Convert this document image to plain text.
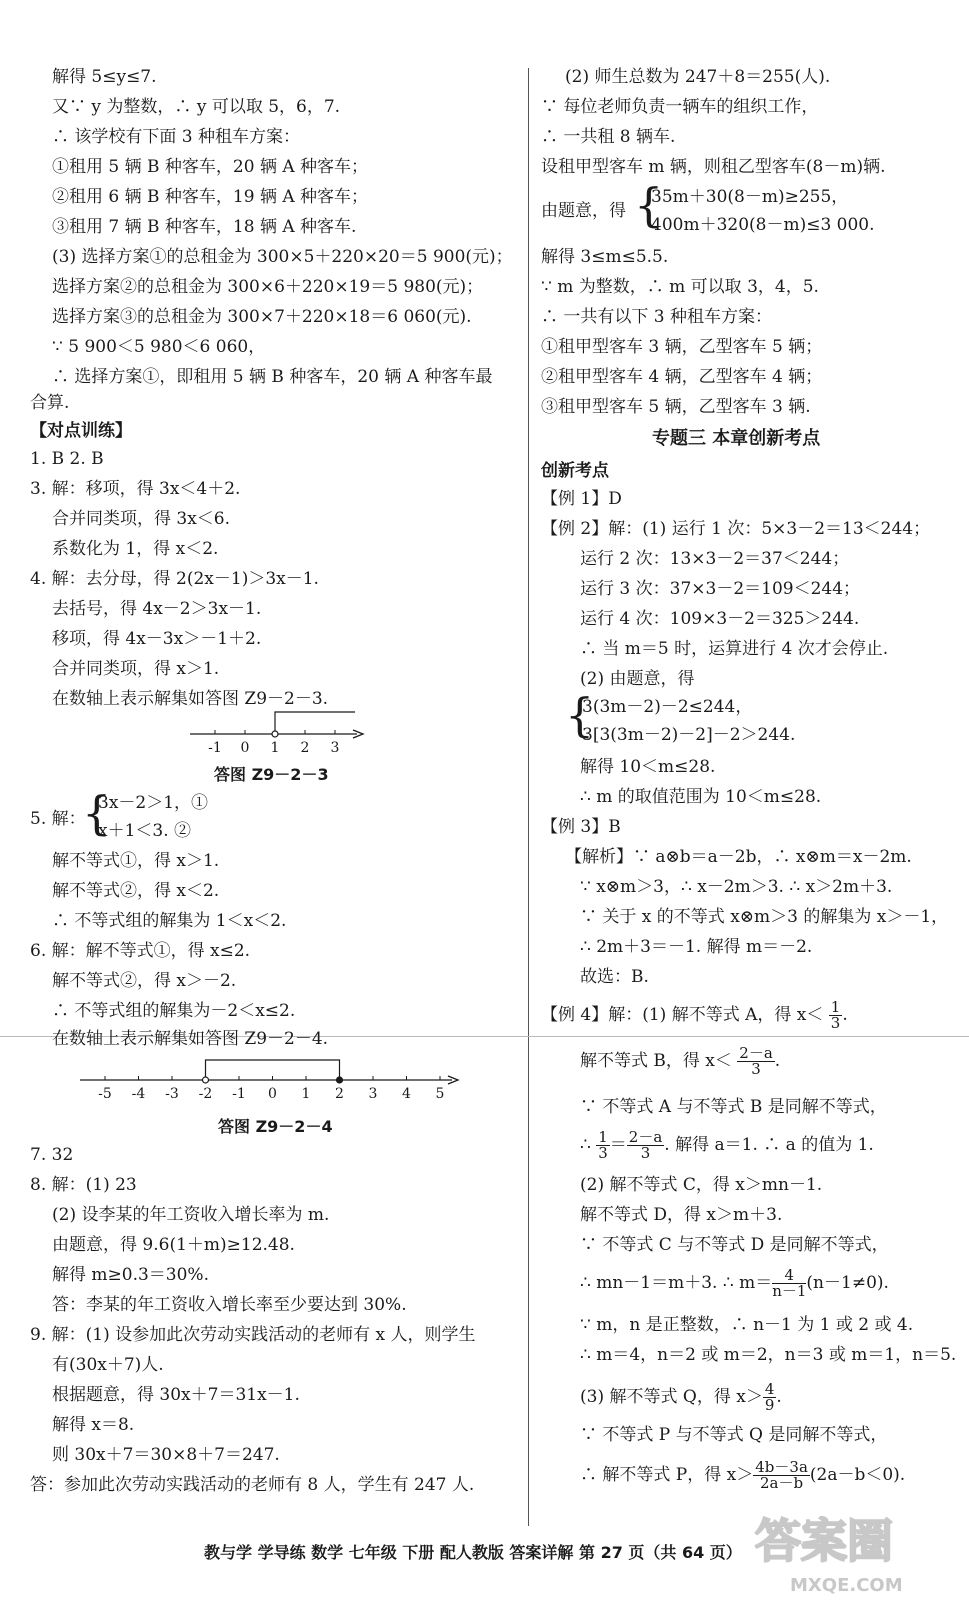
解得 5≤y≤7.
又∵ y 为整数，∴ y 可以取 5，6，7.
∴ 该学校有下面 3 种租车方案：
①租用 5 辆 B 种客车，20 辆 A 种客车；
②租用 6 辆 B 种客车，19 辆 A 种客车；
③租用 7 辆 B 种客车，18 辆 A 种客车.
(3) 选择方案①的总租金为 300×5＋220×20＝5 900(元)；
选择方案②的总租金为 300×6＋220×19＝5 980(元)；
选择方案③的总租金为 300×7＋220×18＝6 060(元).
∵ 5 900＜5 980＜6 060，
∴ 选择方案①，即租用 5 辆 B 种客车，20 辆 A 种客车最
合算.
【对点训练】
1. B 2. B
3. 解：移项，得 3x＜4＋2.
合并同类项，得 3x＜6.
系数化为 1，得 x＜2.
4. 解：去分母，得 2(2x－1)＞3x－1.
去括号，得 4x－2＞3x－1.
移项，得 4x－3x＞－1＋2.
合并同类项，得 x＞1.
在数轴上表示解集如答图 Z9－2－3.
-1 0 1 2 3
答图 Z9－2－3
5. 解：
{
3x－2＞1，①
x＋1＜3. ②
解不等式①，得 x＞1.
解不等式②，得 x＜2.
∴ 不等式组的解集为 1＜x＜2.
6. 解：解不等式①，得 x≤2.
解不等式②，得 x＞－2.
∴ 不等式组的解集为－2＜x≤2.
在数轴上表示解集如答图 Z9－2－4.
-5 -4 -3 -2 -1 0 1 2 3 4 5
答图 Z9－2－4
7. 32
8. 解：(1) 23
(2) 设李某的年工资收入增长率为 m.
由题意，得 9.6(1＋m)≥12.48.
解得 m≥0.3＝30%.
答：李某的年工资收入增长率至少要达到 30%.
9. 解：(1) 设参加此次劳动实践活动的老师有 x 人，则学生
有(30x＋7)人.
根据题意，得 30x＋7＝31x－1.
解得 x＝8.
则 30x＋7＝30×8＋7＝247.
答：参加此次劳动实践活动的老师有 8 人，学生有 247 人.
(2) 师生总数为 247＋8＝255(人).
∵ 每位老师负责一辆车的组织工作，
∴ 一共租 8 辆车.
设租甲型客车 m 辆，则租乙型客车(8－m)辆.
由题意，得 {
35m＋30(8－m)≥255，
400m＋320(8－m)≤3 000.
解得 3≤m≤5.5.
∵ m 为整数，∴ m 可以取 3，4，5.
∴ 一共有以下 3 种租车方案：
①租甲型客车 3 辆，乙型客车 5 辆；
②租甲型客车 4 辆，乙型客车 4 辆；
③租甲型客车 5 辆，乙型客车 3 辆.
专题三 本章创新考点
创新考点
【例 1】D
【例 2】解：(1) 运行 1 次：5×3－2＝13＜244；
运行 2 次：13×3－2＝37＜244；
运行 3 次：37×3－2＝109＜244；
运行 4 次：109×3－2＝325＞244.
∴ 当 m＝5 时，运算进行 4 次才会停止.
(2) 由题意，得
{
3(3m－2)－2≤244，
3[3(3m－2)－2]－2＞244.
解得 10＜m≤28.
∴ m 的取值范围为 10＜m≤28.
【例 3】B
【解析】∵ a⊗b＝a－2b，∴ x⊗m＝x－2m.
∵ x⊗m＞3，∴ x－2m＞3. ∴ x＞2m＋3.
∵ 关于 x 的不等式 x⊗m＞3 的解集为 x＞－1，
∴ 2m＋3＝－1. 解得 m＝－2.
故选：B.
【例 4】解：(1) 解不等式 A，得 $x< \frac{1}{3}$ .
解不等式 B，得 $x< \frac{2-a}{3}$ .
∵ 不等式 A 与不等式 B 是同解不等式，
∴ $\frac{1}{3} = \frac{2-a}{3}$ . 解得 a＝1. ∴ a 的值为 1.
(2) 解不等式 C，得 x＞mn－1.
解不等式 D，得 x＞m＋3.
∵ 不等式 C 与不等式 D 是同解不等式，
∴ mn－1＝m＋3. ∴ $m= \frac{4}{n-1} (n-1\ne 0)$.
∵ m，n 是正整数，∴ n－1 为 1 或 2 或 4.
∴ m＝4，n＝2 或 m＝2，n＝3 或 m＝1，n＝5.
(3) 解不等式 Q，得 $x> \frac{4}{9}$ .
∵ 不等式 P 与不等式 Q 是同解不等式，
∴ 解不等式 P，得 $x> \frac{4b-3a}{2a-b} (2a-b<0)$.
教与学 学导练 数学 七年级 下册 配人教版 答案详解 第 27 页（共 64 页） 答案圈
MXQE.COM
